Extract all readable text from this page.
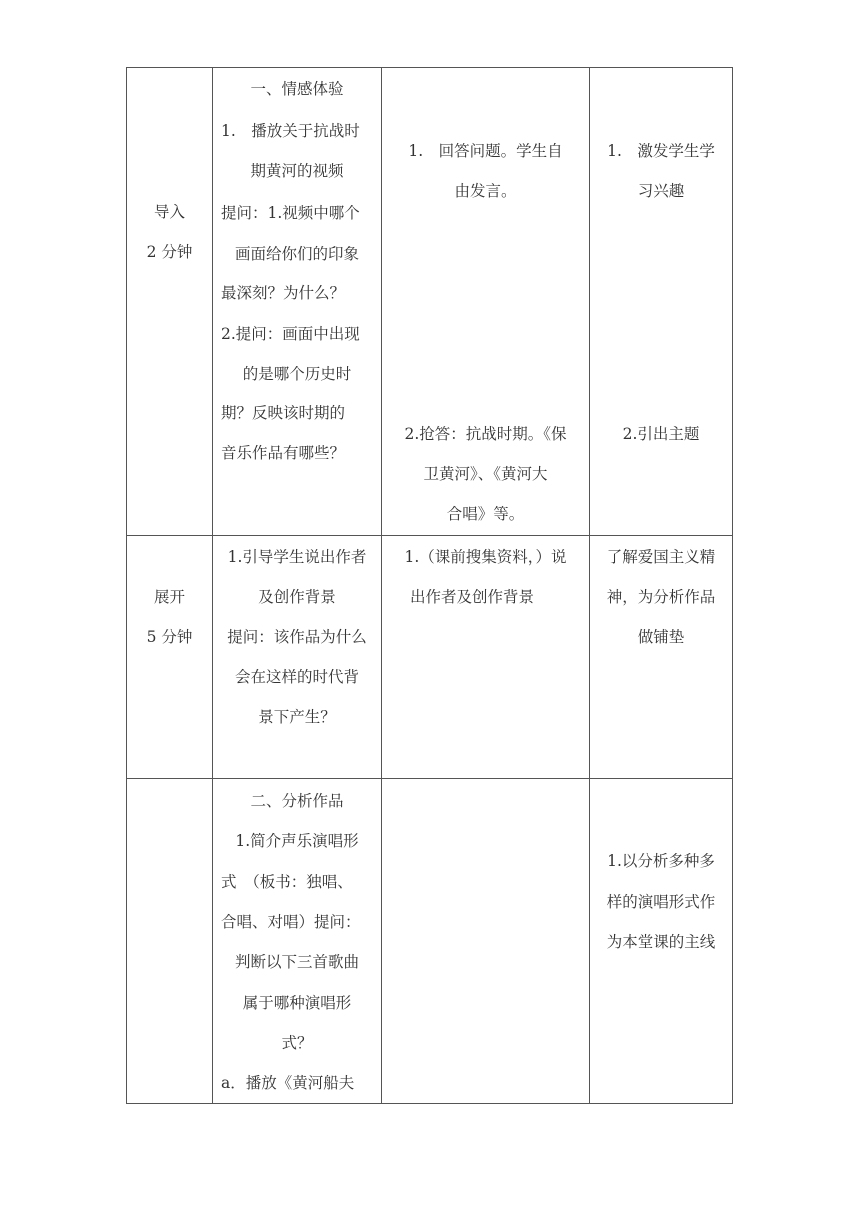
导入
2 分钟
一、情感体验
1.　播放关于抗战时
期黄河的视频
提问：1.视频中哪个
画面给你们的印象
最深刻？为什么？
2.提问：画面中出现
的是哪个历史时
期？反映该时期的
音乐作品有哪些？
1.　回答问题。学生自
由发言。
2.抢答：抗战时期。《保
卫黄河》、《黄河大
合唱》等。
1.　激发学生学
习兴趣
2.引出主题
展开
5 分钟
1.引导学生说出作者
及创作背景
提问：该作品为什么
会在这样的时代背
景下产生？
1.（课前搜集资料，）说
出作者及创作背景
了解爱国主义精
神，为分析作品
做铺垫
二、分析作品
1.简介声乐演唱形
式　（板书：独唱、
合唱、对唱）提问：
判断以下三首歌曲
属于哪种演唱形
式？
a．播放《黄河船夫
1.以分析多种多
样的演唱形式作
为本堂课的主线
